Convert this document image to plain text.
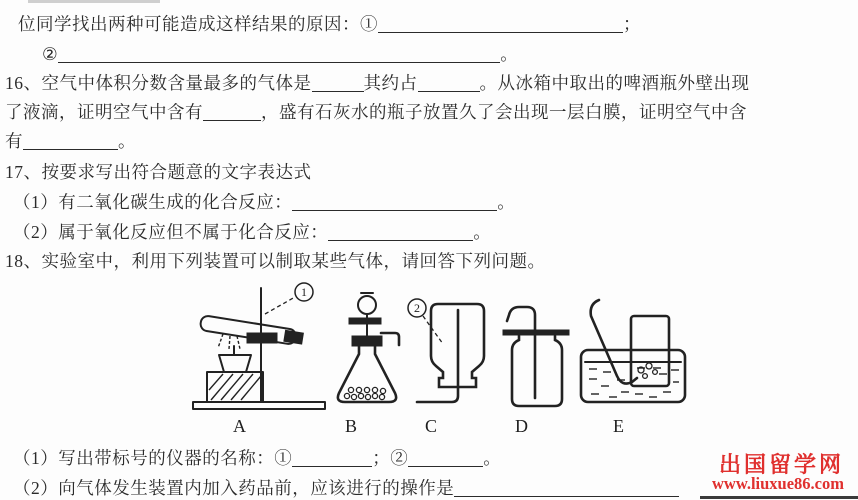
位同学找出两种可能造成这样结果的原因：①	；
②	。
16、空气中体积分数含量最多的气体是	其约占	。从冰箱中取出的啤酒瓶外壁出现
了液滴，证明空气中含有	，盛有石灰水的瓶子放置久了会出现一层白膜，证明空气中含
有	。
17、按要求写出符合题意的文字表达式
（1）有二氧化碳生成的化合反应：	。
（2）属于氧化反应但不属于化合反应：	。
18、实验室中，利用下列装置可以制取某些气体，请回答下列问题。
1
2
A	B	C	D	E
（1）写出带标号的仪器的名称：①	；②	。
（2）向气体发生装置内加入药品前，应该进行的操作是
出国留学网
www.liuxue86.com
